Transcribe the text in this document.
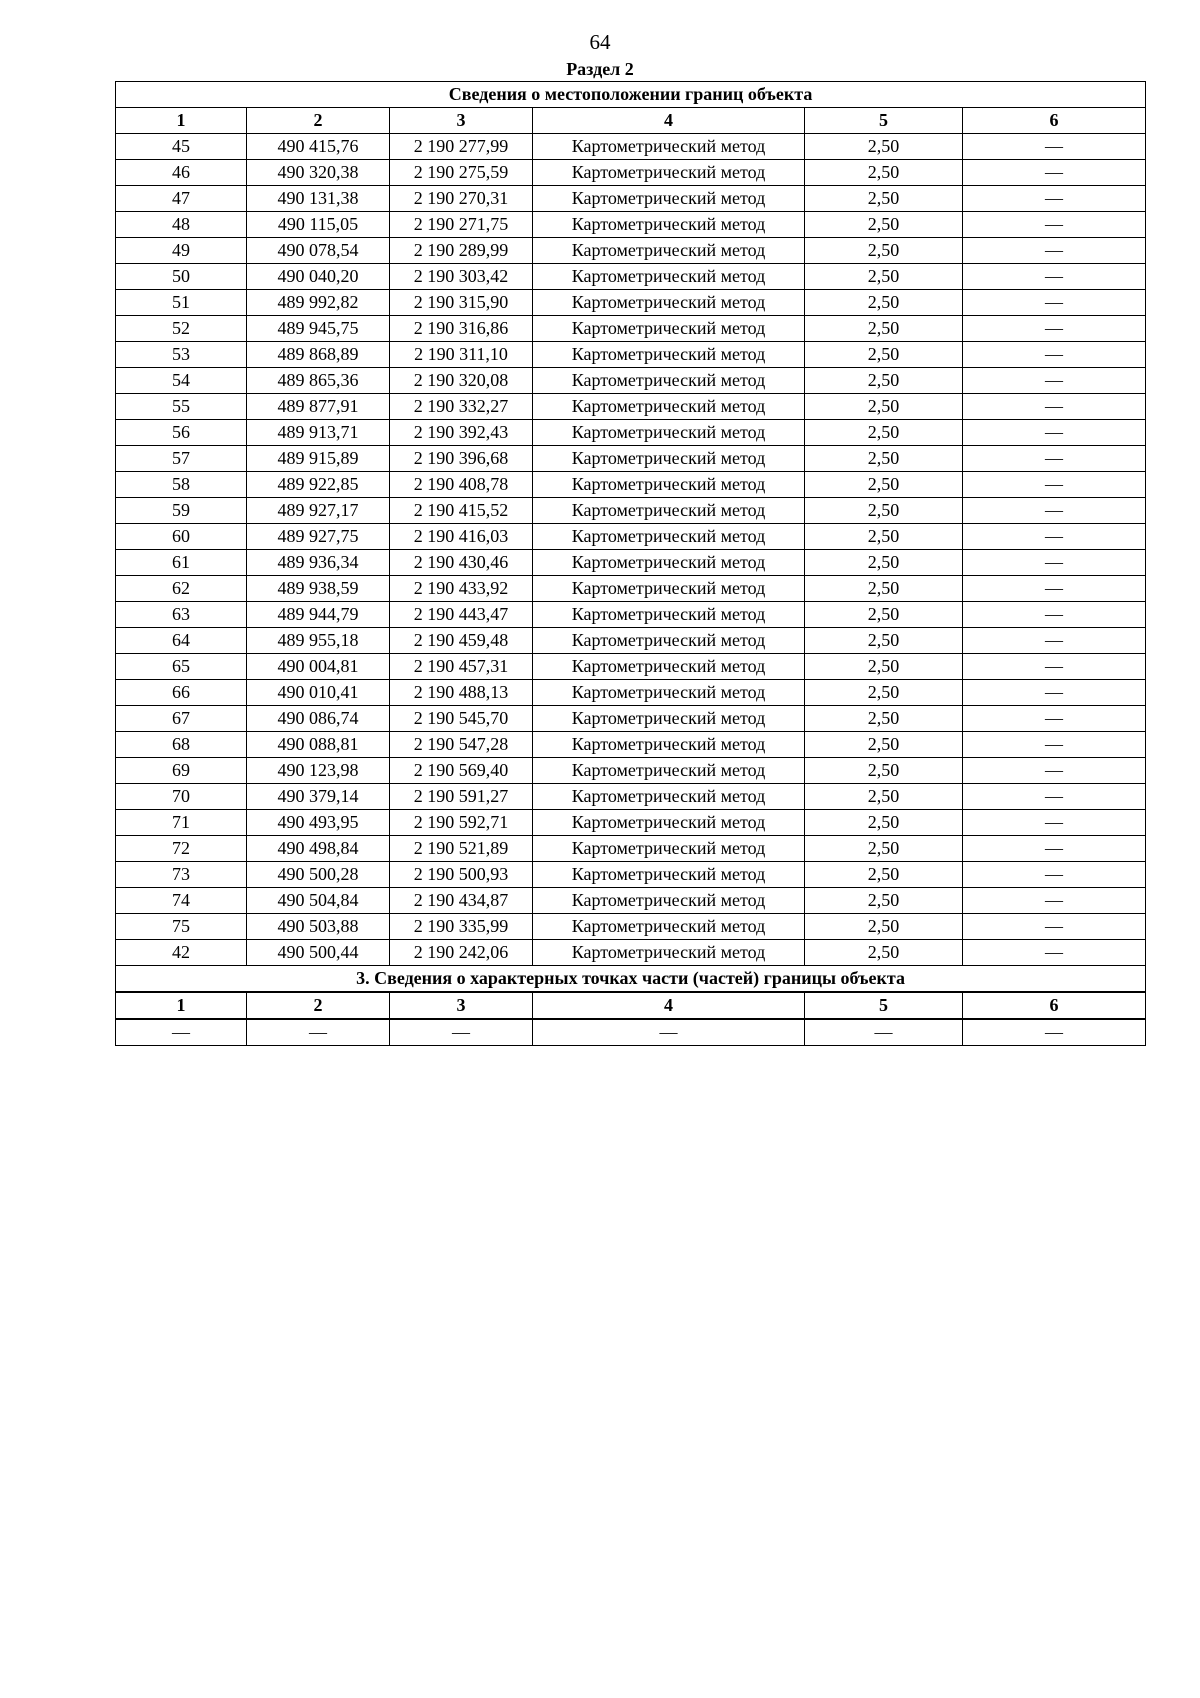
64
Раздел 2
Сведения о местоположении границ объекта					
1	2	3	4	5	6
45	490 415,76	2 190 277,99	Картометрический метод	2,50	—
46	490 320,38	2 190 275,59	Картометрический метод	2,50	—
47	490 131,38	2 190 270,31	Картометрический метод	2,50	—
48	490 115,05	2 190 271,75	Картометрический метод	2,50	—
49	490 078,54	2 190 289,99	Картометрический метод	2,50	—
50	490 040,20	2 190 303,42	Картометрический метод	2,50	—
51	489 992,82	2 190 315,90	Картометрический метод	2,50	—
52	489 945,75	2 190 316,86	Картометрический метод	2,50	—
53	489 868,89	2 190 311,10	Картометрический метод	2,50	—
54	489 865,36	2 190 320,08	Картометрический метод	2,50	—
55	489 877,91	2 190 332,27	Картометрический метод	2,50	—
56	489 913,71	2 190 392,43	Картометрический метод	2,50	—
57	489 915,89	2 190 396,68	Картометрический метод	2,50	—
58	489 922,85	2 190 408,78	Картометрический метод	2,50	—
59	489 927,17	2 190 415,52	Картометрический метод	2,50	—
60	489 927,75	2 190 416,03	Картометрический метод	2,50	—
61	489 936,34	2 190 430,46	Картометрический метод	2,50	—
62	489 938,59	2 190 433,92	Картометрический метод	2,50	—
63	489 944,79	2 190 443,47	Картометрический метод	2,50	—
64	489 955,18	2 190 459,48	Картометрический метод	2,50	—
65	490 004,81	2 190 457,31	Картометрический метод	2,50	—
66	490 010,41	2 190 488,13	Картометрический метод	2,50	—
67	490 086,74	2 190 545,70	Картометрический метод	2,50	—
68	490 088,81	2 190 547,28	Картометрический метод	2,50	—
69	490 123,98	2 190 569,40	Картометрический метод	2,50	—
70	490 379,14	2 190 591,27	Картометрический метод	2,50	—
71	490 493,95	2 190 592,71	Картометрический метод	2,50	—
72	490 498,84	2 190 521,89	Картометрический метод	2,50	—
73	490 500,28	2 190 500,93	Картометрический метод	2,50	—
74	490 504,84	2 190 434,87	Картометрический метод	2,50	—
75	490 503,88	2 190 335,99	Картометрический метод	2,50	—
42	490 500,44	2 190 242,06	Картометрический метод	2,50	—
3. Сведения о характерных точках части (частей) границы объекта					
1	2	3	4	5	6
—	—	—	—	—	—
